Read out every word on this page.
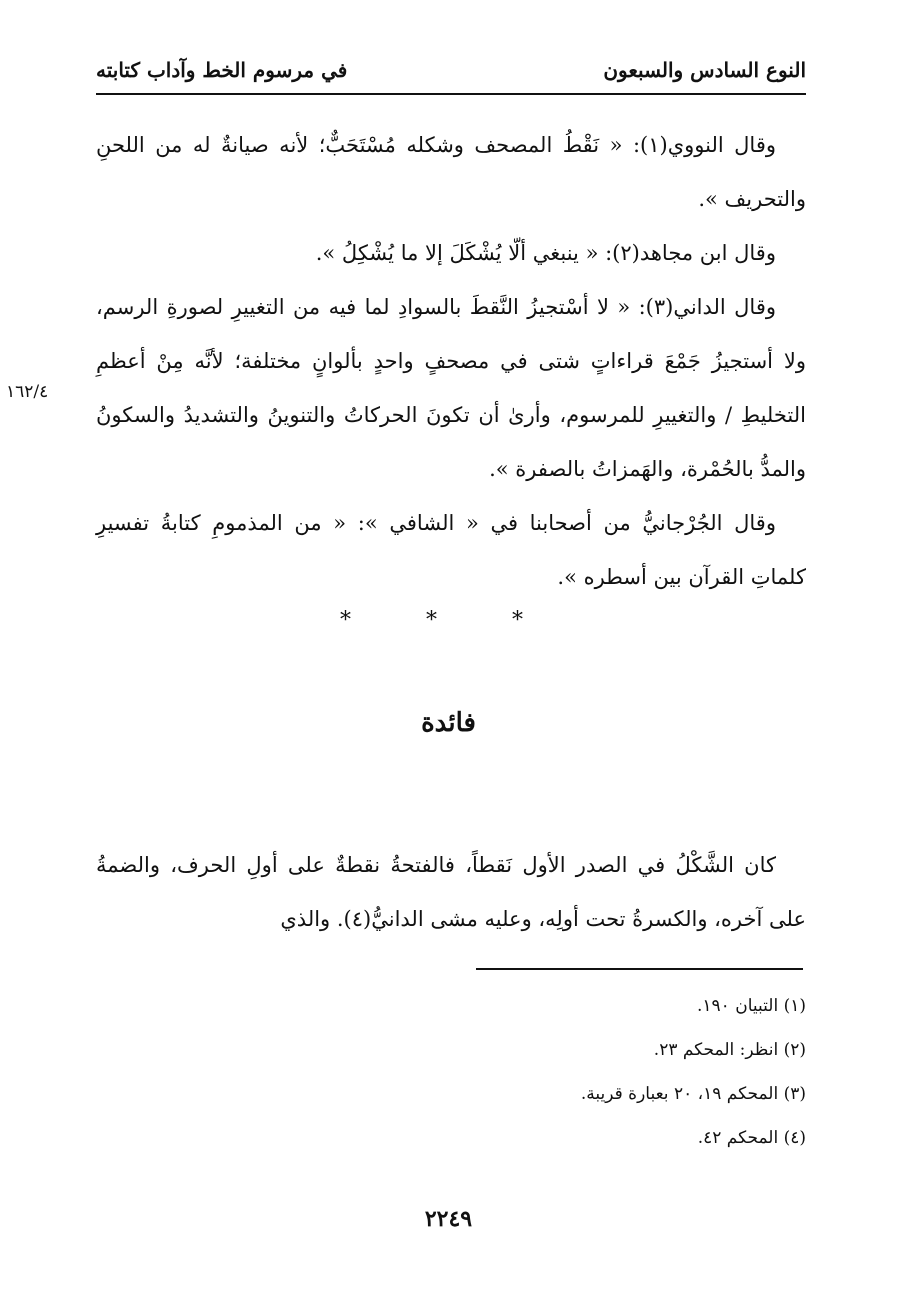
النوع السادس والسبعون
في مرسوم الخط وآداب كتابته

وقال النووي(١): « نَقْطُ المصحف وشكله مُسْتَحَبٌّ؛ لأنه صيانةٌ له من اللحنِ والتحريف ».

وقال ابن مجاهد(٢): « ينبغي ألّا يُشْكَلَ إلا ما يُشْكِلُ ».

وقال الداني(٣): « لا أسْتجيزُ النَّقطَ بالسوادِ لما فيه من التغييرِ لصورةِ الرسم، ولا أستجيزُ جَمْعَ قراءاتٍ شتى في مصحفٍ واحدٍ بألوانٍ مختلفة؛ لأنَّه مِنْ أعظمِ التخليطِ / والتغييرِ للمرسوم، وأرىٰ أن تكونَ الحركاتُ والتنوينُ والتشديدُ والسكونُ والمدُّ بالحُمْرة، والهَمزاتُ بالصفرة ».

وقال الجُرْجانيُّ من أصحابنا في « الشافي »: « من المذمومِ كتابةُ تفسيرِ كلماتِ القرآن بين أسطره ».

١٦٢/٤
* * *
فائدة

كان الشَّكْلُ في الصدر الأول نَقطاً، فالفتحةُ نقطةٌ على أولِ الحرف، والضمةُ على آخره، والكسرةُ تحت أولِه، وعليه مشى الدانيُّ(٤). والذي

(١) التبيان ١٩٠.
(٢) انظر: المحكم ٢٣.
(٣) المحكم ١٩، ٢٠ بعبارة قريبة.
(٤) المحكم ٤٢.
٢٢٤٩
